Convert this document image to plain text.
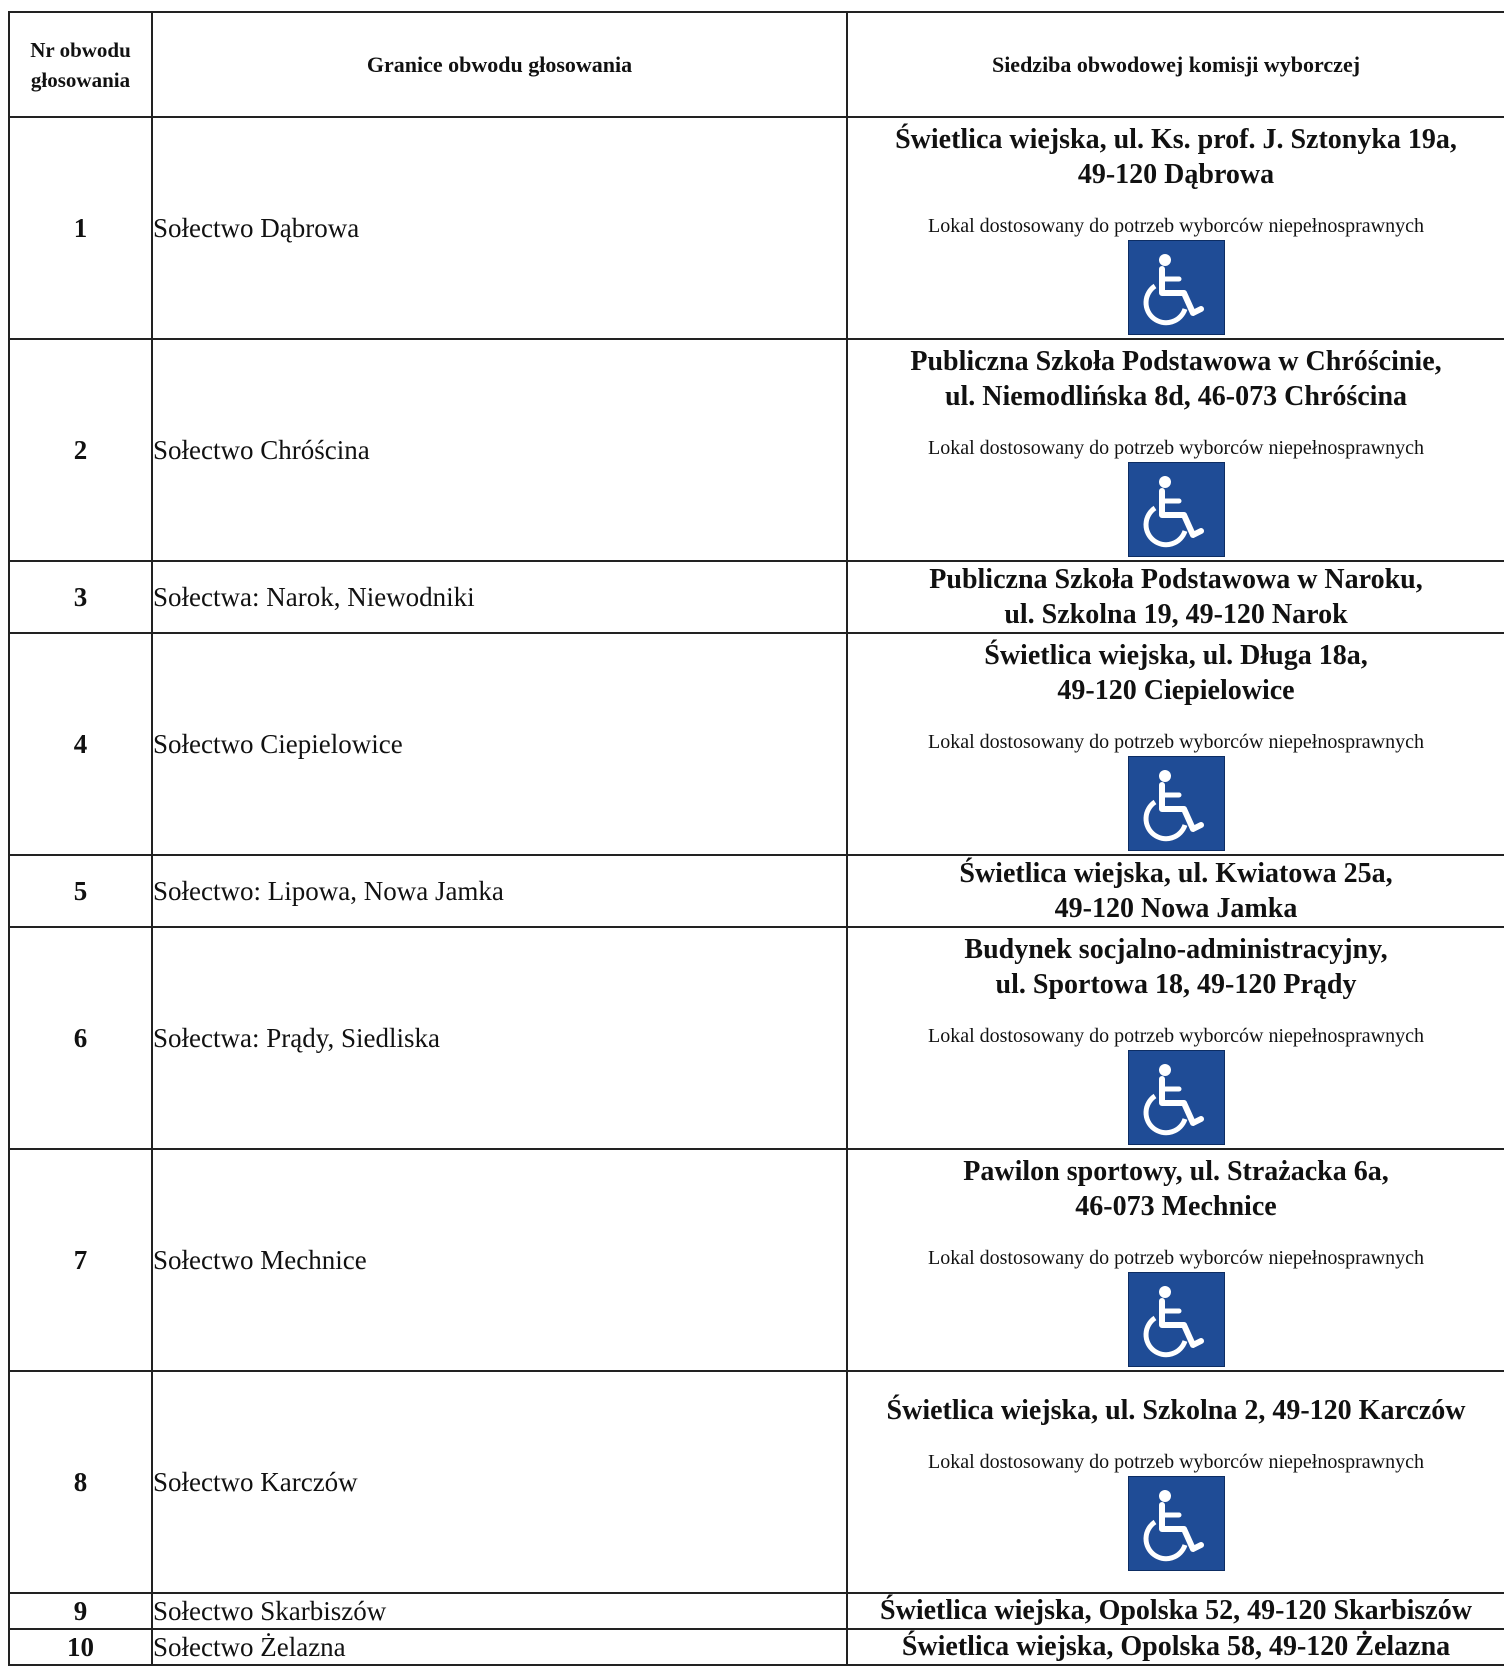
Nr obwodu głosowania	Granice obwodu głosowania	Siedziba obwodowej komisji wyborczej
1	Sołectwo Dąbrowa	Świetlica wiejska, ul. Ks. prof. J. Sztonyka 19a,
49-120 Dąbrowa
Lokal dostosowany do potrzeb wyborców niepełnosprawnych

2	Sołectwo Chróścina	Publiczna Szkoła Podstawowa w Chróścinie,
ul. Niemodlińska 8d, 46-073 Chróścina
Lokal dostosowany do potrzeb wyborców niepełnosprawnych

3	Sołectwa: Narok, Niewodniki	Publiczna Szkoła Podstawowa w Naroku,
ul. Szkolna 19, 49-120 Narok

4	Sołectwo Ciepielowice	Świetlica wiejska, ul. Długa 18a,
49-120 Ciepielowice
Lokal dostosowany do potrzeb wyborców niepełnosprawnych

5	Sołectwo: Lipowa, Nowa Jamka	Świetlica wiejska, ul. Kwiatowa 25a,
49-120 Nowa Jamka

6	Sołectwa: Prądy, Siedliska	Budynek socjalno-administracyjny,
ul. Sportowa 18, 49-120 Prądy
Lokal dostosowany do potrzeb wyborców niepełnosprawnych

7	Sołectwo Mechnice	Pawilon sportowy, ul. Strażacka 6a,
46-073 Mechnice
Lokal dostosowany do potrzeb wyborców niepełnosprawnych

8	Sołectwo Karczów	Świetlica wiejska, ul. Szkolna 2, 49-120 Karczów
Lokal dostosowany do potrzeb wyborców niepełnosprawnych

9	Sołectwo Skarbiszów	Świetlica wiejska, Opolska 52, 49-120 Skarbiszów

10	Sołectwo Żelazna	Świetlica wiejska, Opolska 58, 49-120 Żelazna
